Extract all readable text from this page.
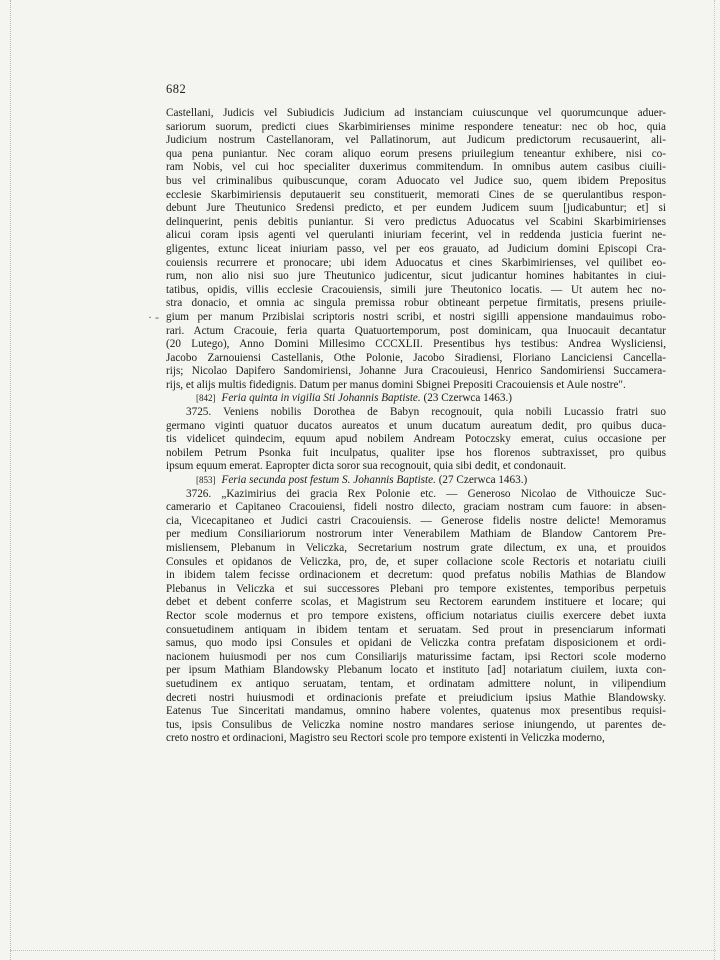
· -
682
Castellani, Judicis vel Subiudicis Judicium ad instanciam cuiuscunque vel quorumcunque aduer-
sariorum suorum, predicti ciues Skarbimirienses minime respondere teneatur: nec ob hoc, quia
Judicium nostrum Castellanoram, vel Pallatinorum, aut Judicum predictorum recusauerint, ali-
qua pena puniantur. Nec coram aliquo eorum presens priuilegium teneantur exhibere, nisi co-
ram Nobis, vel cui hoc specialiter duxerimus commitendum. In omnibus autem casibus ciuili-
bus vel criminalibus quibuscunque, coram Aduocato vel Judice suo, quem ibidem Prepositus
ecclesie Skarbimiriensis deputauerit seu constituerit, memorati Cines de se querulantibus respon-
debunt Jure Theutunico Sredensi predicto, et per eundem Judicem suum [judicabuntur; et] si
delinquerint, penis debitis puniantur. Si vero predictus Aduocatus vel Scabini Skarbimirienses
alicui coram ipsis agenti vel querulanti iniuriam fecerint, vel in reddenda justicia fuerint ne-
gligentes, extunc liceat iniuriam passo, vel per eos grauato, ad Judicium domini Episcopi Cra-
couiensis recurrere et pronocare; ubi idem Aduocatus et cines Skarbimirienses, vel quilibet eo-
rum, non alio nisi suo jure Theutunico judicentur, sicut judicantur homines habitantes in ciui-
tatibus, opidis, villis ecclesie Cracouiensis, simili jure Theutonico locatis. — Ut autem hec no-
stra donacio, et omnia ac singula premissa robur obtineant perpetue firmitatis, presens priuile-
gium per manum Przibislai scriptoris nostri scribi, et nostri sigilli appensione mandauimus robo-
rari. Actum Cracouie, feria quarta Quatuortemporum, post dominicam, qua Inuocauit decantatur
(20 Lutego), Anno Domini Millesimo CCCXLII. Presentibus hys testibus: Andrea Wysliciensi,
Jacobo Zarnouiensi Castellanis, Othe Polonie, Jacobo Siradiensi, Floriano Lanciciensi Cancella-
rijs; Nicolao Dapifero Sandomiriensi, Johanne Jura Cracouieusi, Henrico Sandomiriensi Succamera-
rijs, et alijs multis fidedignis. Datum per manus domini Sbignei Prepositi Cracouiensis et Aule nostre".
[842] Feria quinta in vigilia Sti Johannis Baptiste. (23 Czerwca 1463.)
3725. Veniens nobilis Dorothea de Babyn recognouit, quia nobili Lucassio fratri suo
germano viginti quatuor ducatos aureatos et unum ducatum aureatum dedit, pro quibus duca-
tis videlicet quindecim, equum apud nobilem Andream Potoczsky emerat, cuius occasione per
nobilem Petrum Psonka fuit inculpatus, qualiter ipse hos florenos subtraxisset, pro quibus
ipsum equum emerat. Eapropter dicta soror sua recognouit, quia sibi dedit, et condonauit.
[853] Feria secunda post festum S. Johannis Baptiste. (27 Czerwca 1463.)
3726. „Kazimirius dei gracia Rex Polonie etc. — Generoso Nicolao de Vithouicze Suc-
camerario et Capitaneo Cracouiensi, fideli nostro dilecto, graciam nostram cum fauore: in absen-
cia, Vicecapitaneo et Judici castri Cracouiensis. — Generose fidelis nostre delicte! Memoramus
per medium Consiliariorum nostrorum inter Venerabilem Mathiam de Blandow Cantorem Pre-
misliensem, Plebanum in Veliczka, Secretarium nostrum grate dilectum, ex una, et prouidos
Consules et opidanos de Veliczka, pro, de, et super collacione scole Rectoris et notariatu ciuili
in ibidem talem fecisse ordinacionem et decretum: quod prefatus nobilis Mathias de Blandow
Plebanus in Veliczka et sui successores Plebani pro tempore existentes, temporibus perpetuis
debet et debent conferre scolas, et Magistrum seu Rectorem earundem instituere et locare; qui
Rector scole modernus et pro tempore existens, officium notariatus ciuilis exercere debet iuxta
consuetudinem antiquam in ibidem tentam et seruatam. Sed prout in presenciarum informati
samus, quo modo ipsi Consules et opidani de Veliczka contra prefatam disposicionem et ordi-
nacionem huiusmodi per nos cum Consiliarijs maturissime factam, ipsi Rectori scole moderno
per ipsum Mathiam Blandowsky Plebanum locato et instituto [ad] notariatum ciuilem, iuxta con-
suetudinem ex antiquo seruatam, tentam, et ordinatam admittere nolunt, in vilipendium
decreti nostri huiusmodi et ordinacionis prefate et preiudicium ipsius Mathie Blandowsky.
Eatenus Tue Sinceritati mandamus, omnino habere volentes, quatenus mox presentibus requisi-
tus, ipsis Consulibus de Veliczka nomine nostro mandares seriose iniungendo, ut parentes de-
creto nostro et ordinacioni, Magistro seu Rectori scole pro tempore existenti in Veliczka moderno,
